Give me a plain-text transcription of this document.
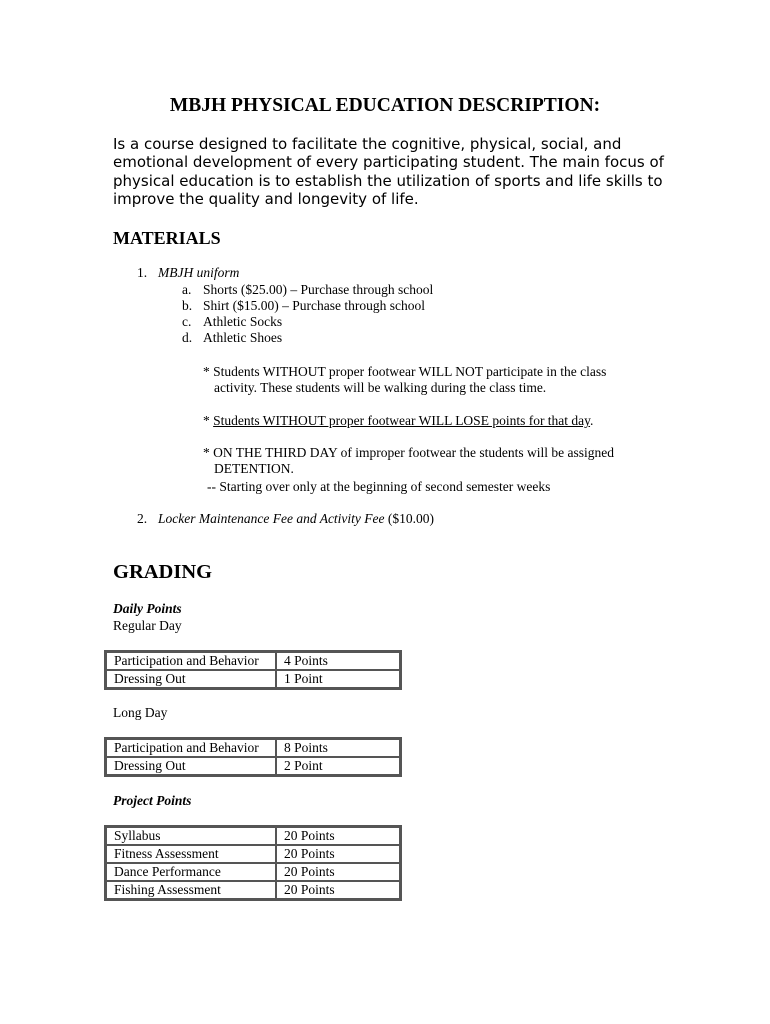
MBJH PHYSICAL EDUCATION DESCRIPTION:
Is a course designed to facilitate the cognitive, physical, social, and emotional development of every participating student. The main focus of physical education is to establish the utilization of sports and life skills to improve the quality and longevity of life.
MATERIALS
1. MBJH uniform
a. Shorts ($25.00) – Purchase through school
b. Shirt ($15.00) – Purchase through school
c. Athletic Socks
d. Athletic Shoes
* Students WITHOUT proper footwear WILL NOT participate in the class
activity. These students will be walking during the class time.
* Students WITHOUT proper footwear WILL LOSE points for that day.
* ON THE THIRD DAY of improper footwear the students will be assigned
DETENTION.
-- Starting over only at the beginning of second semester weeks
2. Locker Maintenance Fee and Activity Fee ($10.00)
GRADING
Daily Points
Regular Day
Participation and Behavior	4 Points
Dressing Out	1 Point
Long Day
Participation and Behavior	8 Points
Dressing Out	2 Point
Project Points
Syllabus	20 Points
Fitness Assessment	20 Points
Dance Performance	20 Points
Fishing Assessment	20 Points
